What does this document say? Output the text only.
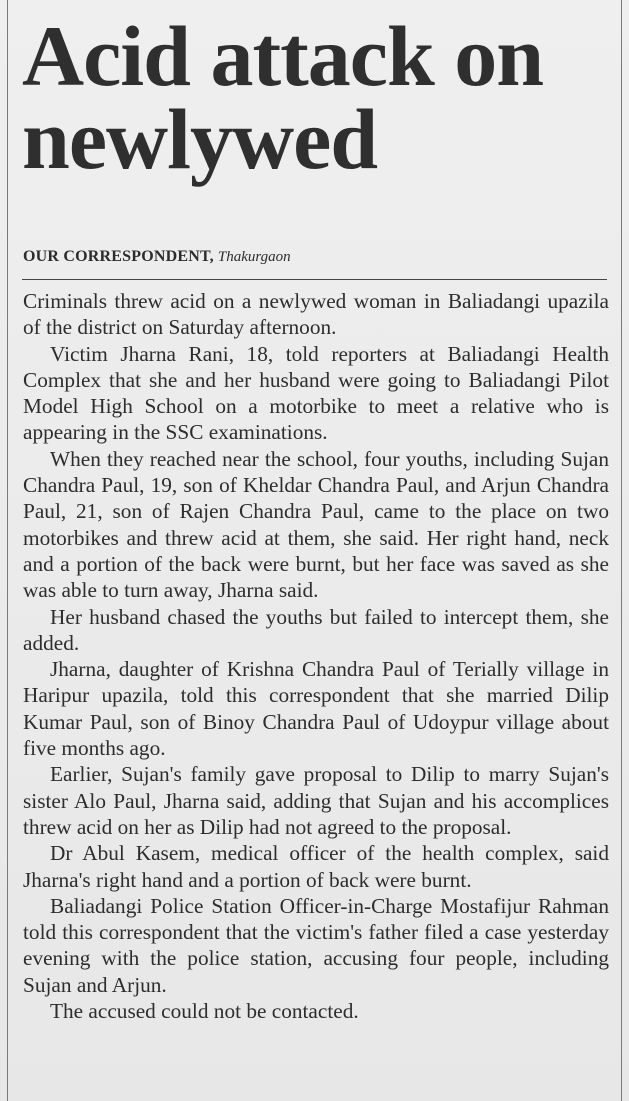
Acid attack on newlywed
OUR CORRESPONDENT, Thakurgaon

Criminals threw acid on a newlywed woman in Baliadangi upazila of the district on Saturday afternoon.

Victim Jharna Rani, 18, told reporters at Baliadangi Health Complex that she and her husband were going to Baliadangi Pilot Model High School on a motorbike to meet a relative who is appearing in the SSC examinations.

When they reached near the school, four youths, including Sujan Chandra Paul, 19, son of Kheldar Chandra Paul, and Arjun Chandra Paul, 21, son of Rajen Chandra Paul, came to the place on two motorbikes and threw acid at them, she said. Her right hand, neck and a portion of the back were burnt, but her face was saved as she was able to turn away, Jharna said.

Her husband chased the youths but failed to intercept them, she added.

Jharna, daughter of Krishna Chandra Paul of Terially village in Haripur upazila, told this correspondent that she married Dilip Kumar Paul, son of Binoy Chandra Paul of Udoypur village about five months ago.

Earlier, Sujan's family gave proposal to Dilip to marry Sujan's sister Alo Paul, Jharna said, adding that Sujan and his accomplices threw acid on her as Dilip had not agreed to the proposal.

Dr Abul Kasem, medical officer of the health complex, said Jharna's right hand and a portion of back were burnt.

Baliadangi Police Station Officer-in-Charge Mostafijur Rahman told this correspondent that the victim's father filed a case yesterday evening with the police station, accusing four people, including Sujan and Arjun.

The accused could not be contacted.
